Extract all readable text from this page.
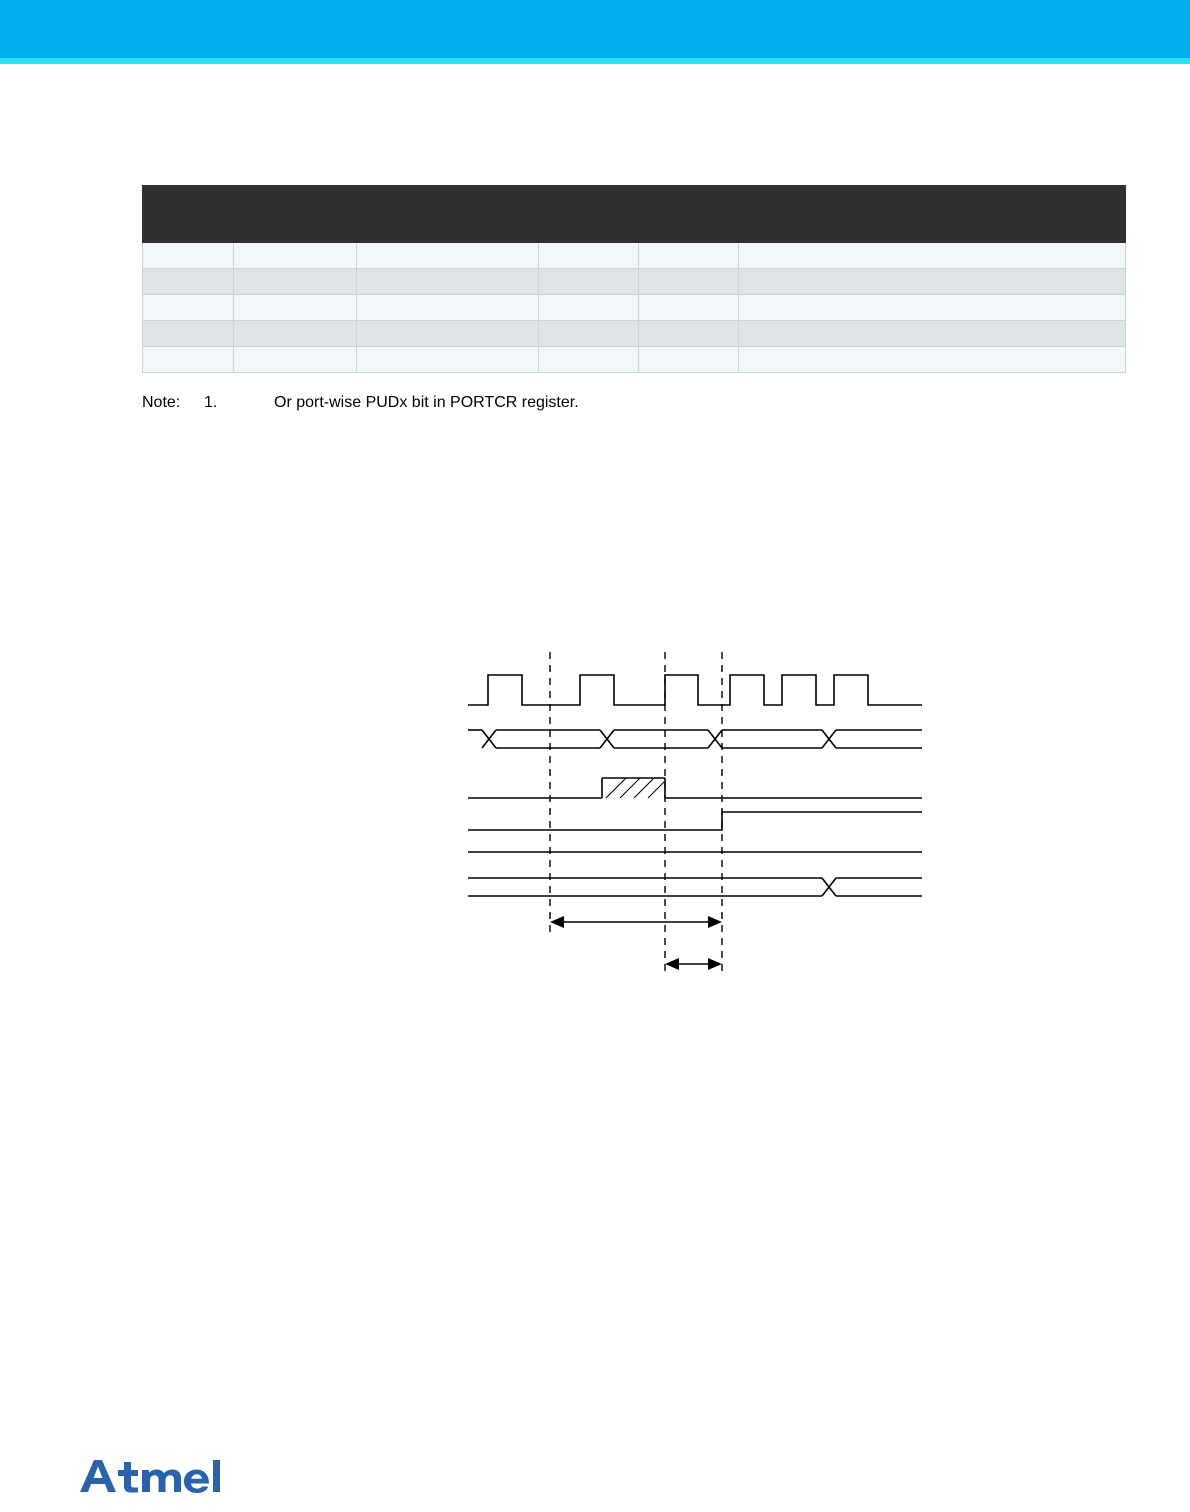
Note: 1.	Or port-wise PUDx bit in PORTCR register.
